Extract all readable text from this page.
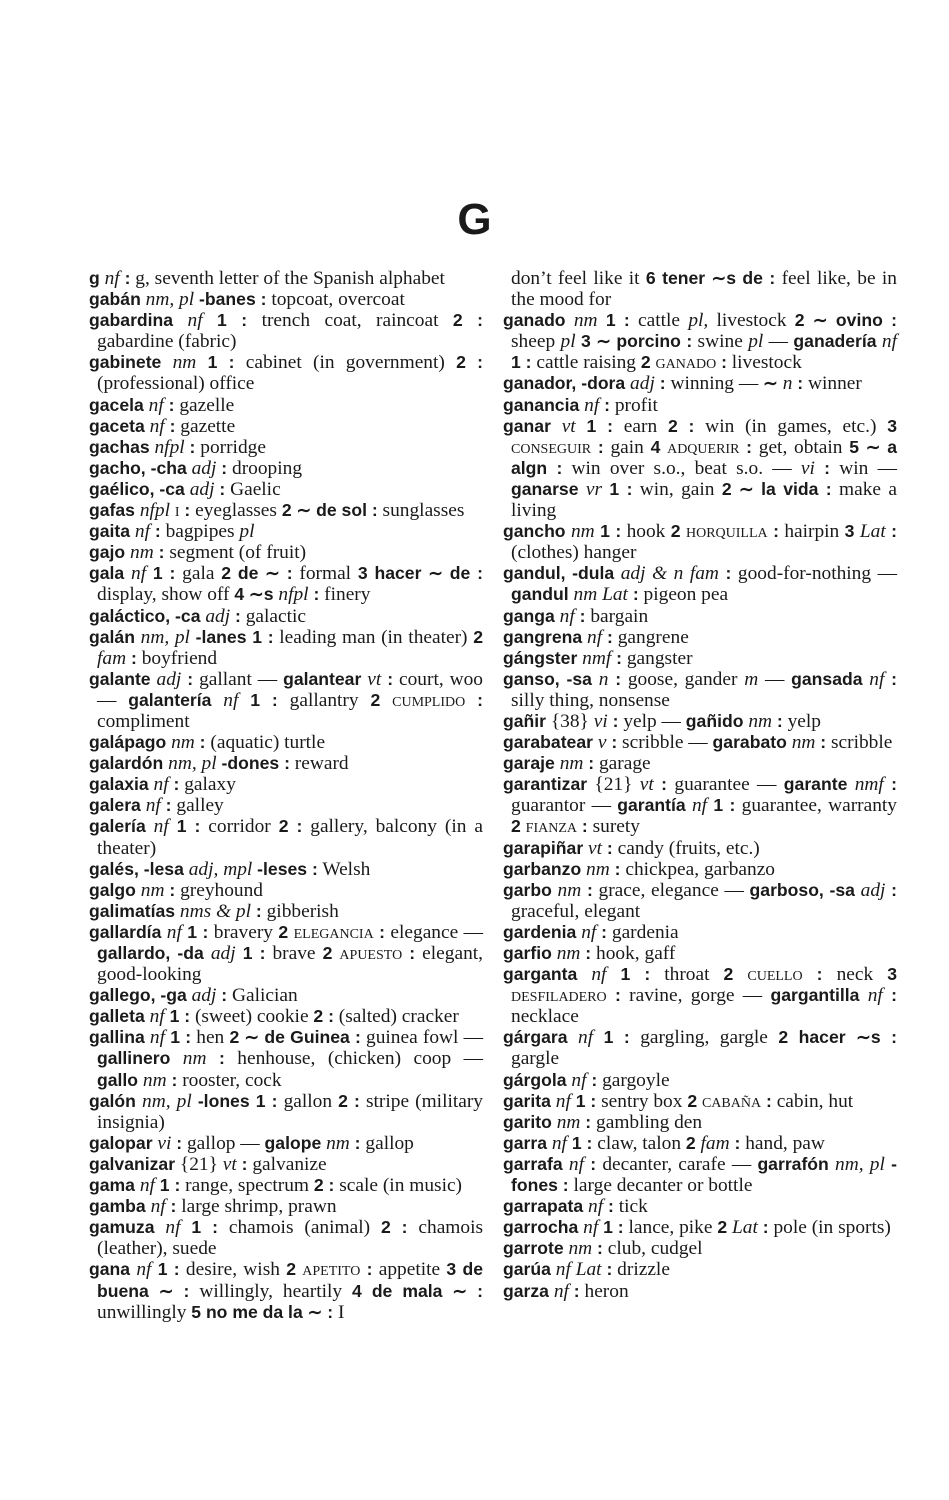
G
g nf : g, seventh letter of the Spanish alphabet
gabán nm, pl -banes : topcoat, overcoat
gabardina nf 1 : trench coat, raincoat 2 : gabardine (fabric)
gabinete nm 1 : cabinet (in government) 2 : (professional) office
gacela nf : gazelle
gaceta nf : gazette
gachas nfpl : porridge
gacho, -cha adj : drooping
gaélico, -ca adj : Gaelic
gafas nfpl i : eyeglasses 2 ∼ de sol : sunglasses
gaita nf : bagpipes pl
gajo nm : segment (of fruit)
gala nf 1 : gala 2 de ∼ : formal 3 hacer ∼ de : display, show off 4 ∼s nfpl : finery
galáctico, -ca adj : galactic
galán nm, pl -lanes 1 : leading man (in theater) 2 fam : boyfriend
galante adj : gallant — galantear vt : court, woo — galantería nf 1 : gallantry 2 cumplido : compliment
galápago nm : (aquatic) turtle
galardón nm, pl -dones : reward
galaxia nf : galaxy
galera nf : galley
galería nf 1 : corridor 2 : gallery, balcony (in a theater)
galés, -lesa adj, mpl -leses : Welsh
galgo nm : greyhound
galimatías nms & pl : gibberish
gallardía nf 1 : bravery 2 elegancia : elegance — gallardo, -da adj 1 : brave 2 apuesto : elegant, good-looking
gallego, -ga adj : Galician
galleta nf 1 : (sweet) cookie 2 : (salted) cracker
gallina nf 1 : hen 2 ∼ de Guinea : guinea fowl — gallinero nm : henhouse, (chicken) coop — gallo nm : rooster, cock
galón nm, pl -lones 1 : gallon 2 : stripe (military insignia)
galopar vi : gallop — galope nm : gallop
galvanizar {21} vt : galvanize
gama nf 1 : range, spectrum 2 : scale (in music)
gamba nf : large shrimp, prawn
gamuza nf 1 : chamois (animal) 2 : chamois (leather), suede
gana nf 1 : desire, wish 2 apetito : appetite 3 de buena ∼ : willingly, heartily 4 de mala ∼ : unwillingly 5 no me da la ∼ : I
don’t feel like it 6 tener ∼s de : feel like, be in the mood for
ganado nm 1 : cattle pl, livestock 2 ∼ ovino : sheep pl 3 ∼ porcino : swine pl — ganadería nf 1 : cattle raising 2 ganado : livestock
ganador, -dora adj : winning — ∼ n : winner
ganancia nf : profit
ganar vt 1 : earn 2 : win (in games, etc.) 3 conseguir : gain 4 adquerir : get, obtain 5 ∼ a algn : win over s.o., beat s.o. — vi : win — ganarse vr 1 : win, gain 2 ∼ la vida : make a living
gancho nm 1 : hook 2 horquilla : hairpin 3 Lat : (clothes) hanger
gandul, -dula adj & n fam : good-for-nothing — gandul nm Lat : pigeon pea
ganga nf : bargain
gangrena nf : gangrene
gángster nmf : gangster
ganso, -sa n : goose, gander m — gansada nf : silly thing, nonsense
gañir {38} vi : yelp — gañido nm : yelp
garabatear v : scribble — garabato nm : scribble
garaje nm : garage
garantizar {21} vt : guarantee — garante nmf : guarantor — garantía nf 1 : guarantee, warranty 2 fianza : surety
garapiñar vt : candy (fruits, etc.)
garbanzo nm : chickpea, garbanzo
garbo nm : grace, elegance — garboso, -sa adj : graceful, elegant
gardenia nf : gardenia
garfio nm : hook, gaff
garganta nf 1 : throat 2 cuello : neck 3 desfiladero : ravine, gorge — gargantilla nf : necklace
gárgara nf 1 : gargling, gargle 2 hacer ∼s : gargle
gárgola nf : gargoyle
garita nf 1 : sentry box 2 cabaña : cabin, hut
garito nm : gambling den
garra nf 1 : claw, talon 2 fam : hand, paw
garrafa nf : decanter, carafe — garrafón nm, pl -fones : large decanter or bottle
garrapata nf : tick
garrocha nf 1 : lance, pike 2 Lat : pole (in sports)
garrote nm : club, cudgel
garúa nf Lat : drizzle
garza nf : heron
